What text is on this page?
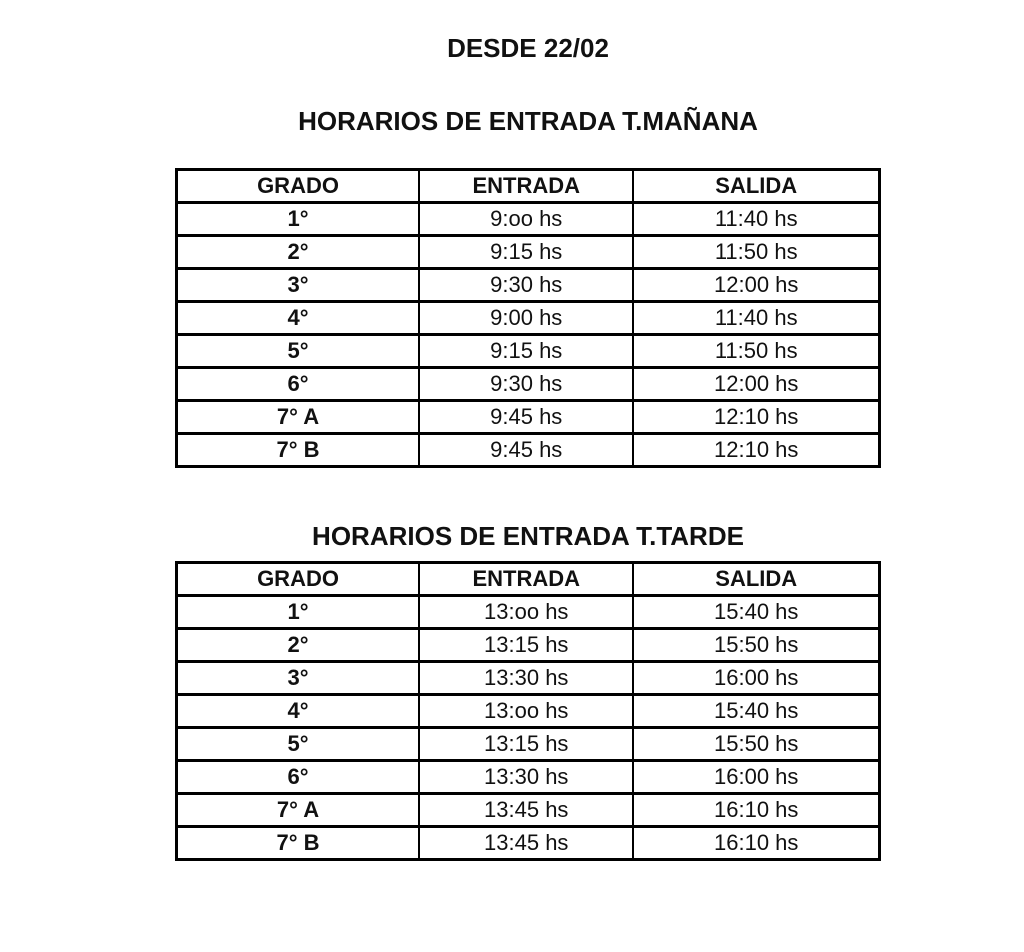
DESDE 22/02

HORARIOS DE ENTRADA T.MAÑANA

GRADO	ENTRADA	SALIDA
1°	9:oo hs	11:40 hs
2°	9:15 hs	11:50 hs
3°	9:30 hs	12:00 hs
4°	9:00 hs	11:40 hs
5°	9:15 hs	11:50 hs
6°	9:30 hs	12:00 hs
7° A	9:45 hs	12:10 hs
7° B	9:45 hs	12:10 hs

HORARIOS DE ENTRADA T.TARDE

GRADO	ENTRADA	SALIDA
1°	13:oo hs	15:40 hs
2°	13:15 hs	15:50 hs
3°	13:30 hs	16:00 hs
4°	13:oo hs	15:40 hs
5°	13:15 hs	15:50 hs
6°	13:30 hs	16:00 hs
7° A	13:45 hs	16:10 hs
7° B	13:45 hs	16:10 hs
